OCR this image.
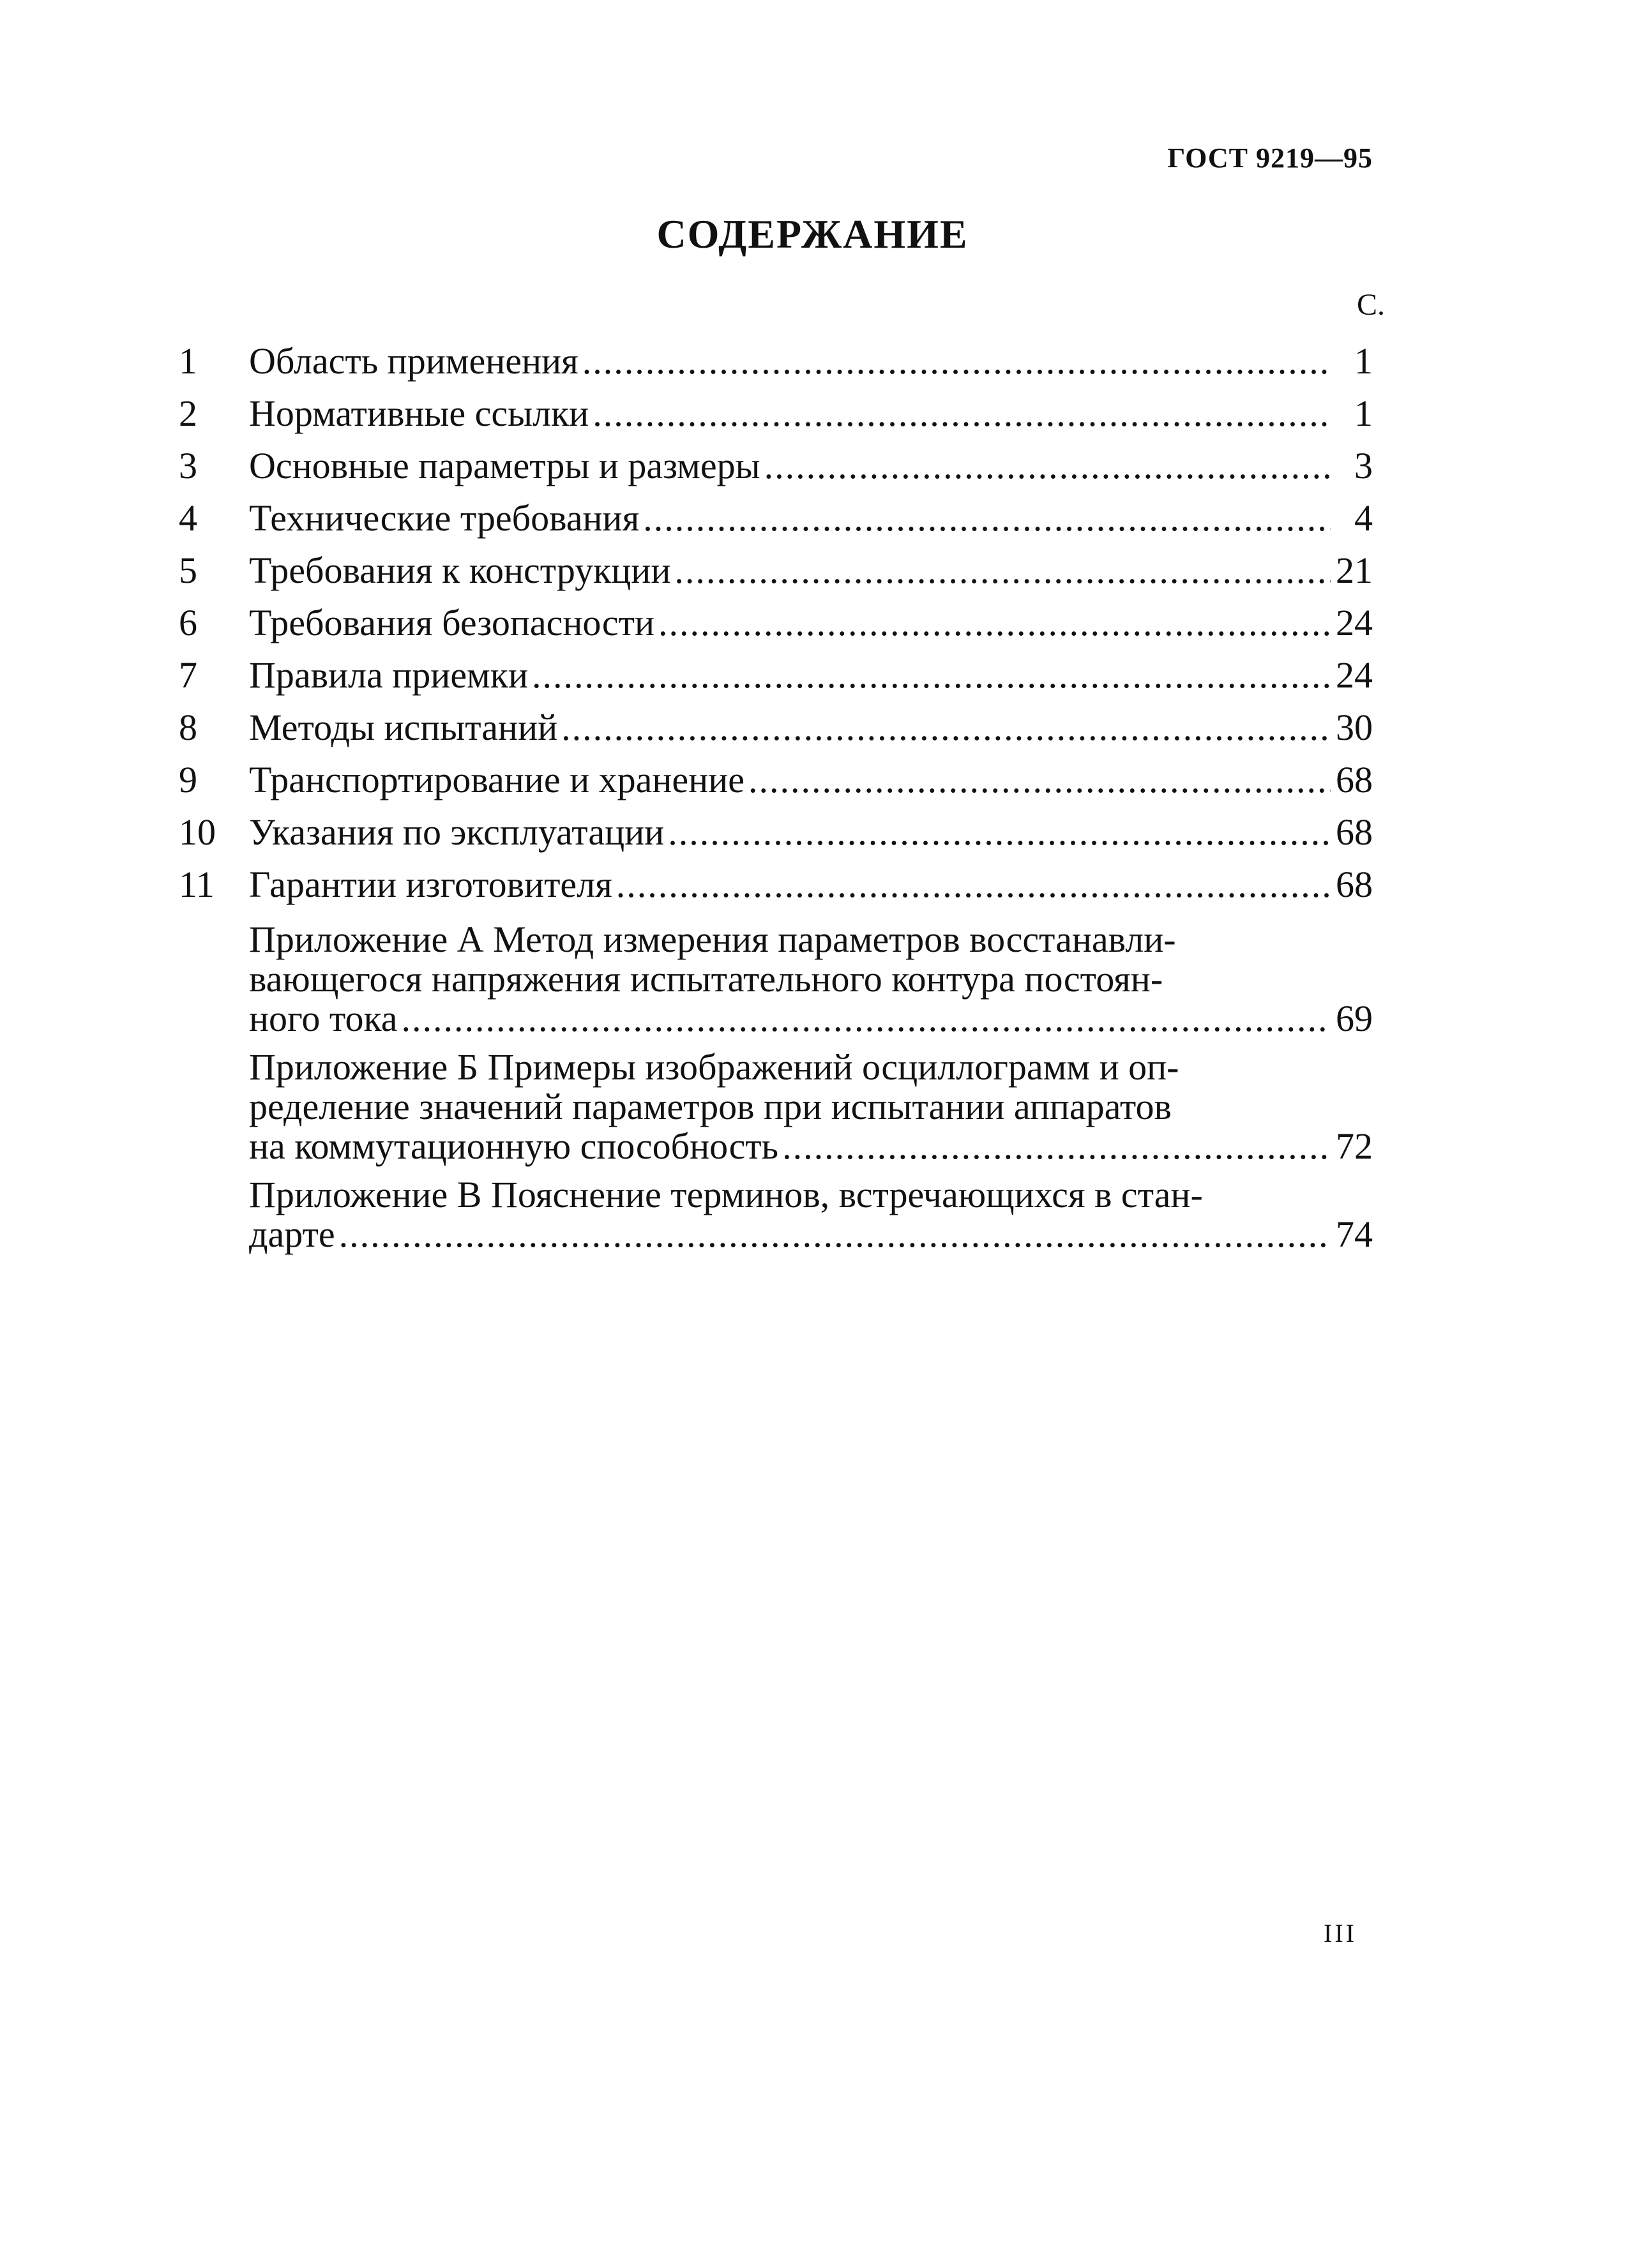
ГОСТ 9219—95
СОДЕРЖАНИЕ
С.
1	Область применения .....	1
2	Нормативные ссылки .....	1
3	Основные параметры и размеры .....	3
4	Технические требования .....	4
5	Требования к конструкции .....	21
6	Требования безопасности .....	24
7	Правила приемки .....	24
8	Методы испытаний .....	30
9	Транспортирование и хранение .....	68
10 Указания по эксплуатации .....	68
11 Гарантии изготовителя .....	68
Приложение А Метод измерения параметров восстанавли-
вающегося напряжения испытательного контура постоян-
ного тока .....	69
Приложение Б Примеры изображений осциллограмм и оп-
ределение значений параметров при испытании аппаратов
на коммутационную способность .....	72
Приложение В Пояснение терминов, встречающихся в стан-
дарте .....	74
III
